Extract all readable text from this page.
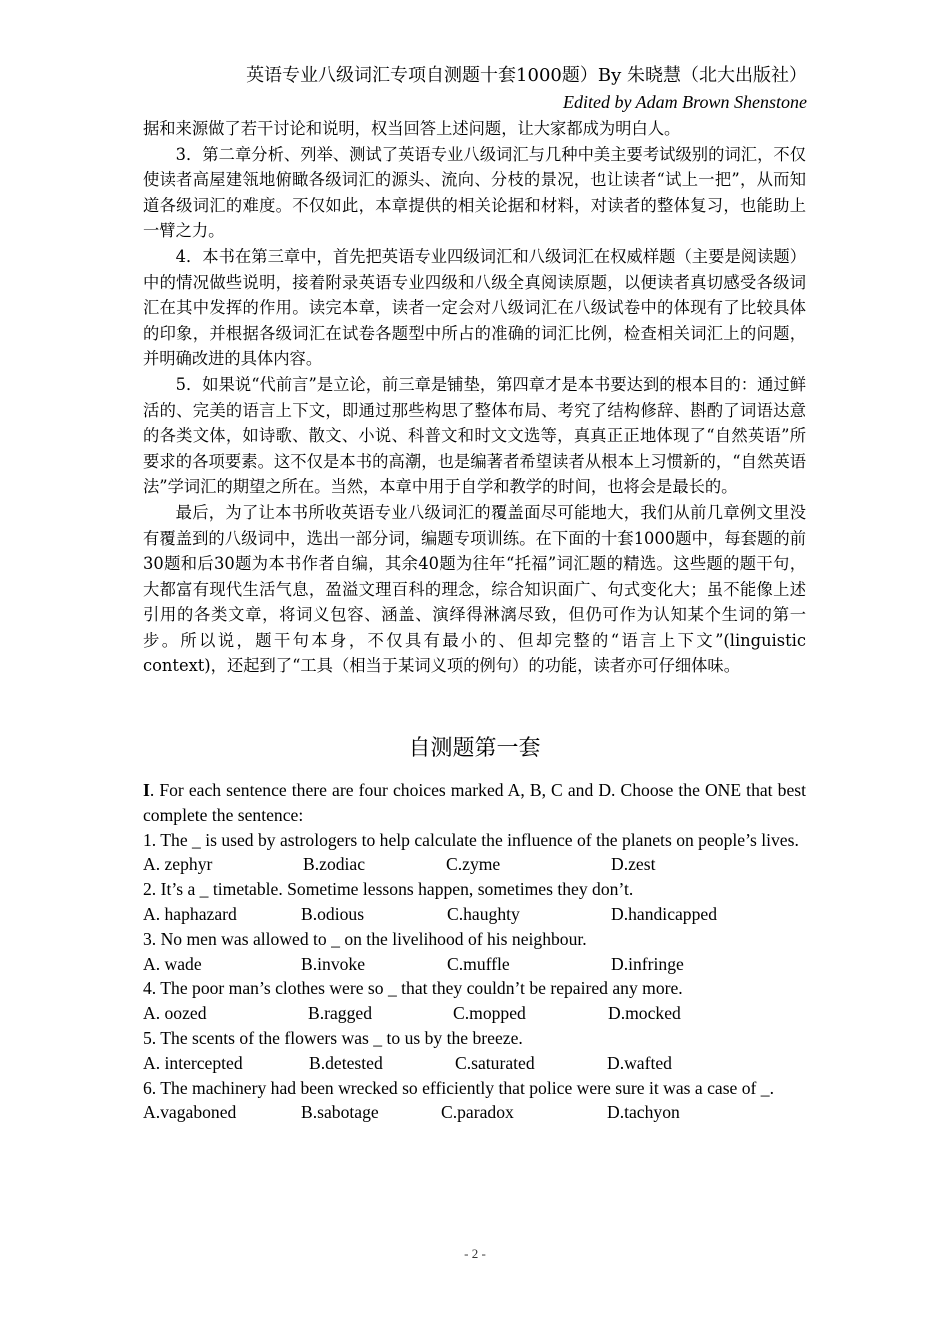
英语专业八级词汇专项自测题十套1000题）By 朱晓慧（北大出版社）
Edited by Adam Brown Shenstone

据和来源做了若干讨论和说明，权当回答上述问题，让大家都成为明白人。

3．第二章分析、列举、测试了英语专业八级词汇与几种中美主要考试级别的词汇，不仅使读者高屋建瓴地俯瞰各级词汇的源头、流向、分枝的景况，也让读者“试上一把”，从而知道各级词汇的难度。不仅如此，本章提供的相关论据和材料，对读者的整体复习，也能助上一臂之力。

4．本书在第三章中，首先把英语专业四级词汇和八级词汇在权威样题（主要是阅读题）中的情况做些说明，接着附录英语专业四级和八级全真阅读原题，以便读者真切感受各级词汇在其中发挥的作用。读完本章，读者一定会对八级词汇在八级试卷中的体现有了比较具体的印象，并根据各级词汇在试卷各题型中所占的准确的词汇比例，检查相关词汇上的问题，并明确改进的具体内容。

5．如果说“代前言”是立论，前三章是铺垫，第四章才是本书要达到的根本目的：通过鲜活的、完美的语言上下文，即通过那些构思了整体布局、考究了结构修辞、斟酌了词语达意的各类文体，如诗歌、散文、小说、科普文和时文文选等，真真正正地体现了“自然英语”所要求的各项要素。这不仅是本书的高潮，也是编著者希望读者从根本上习惯新的，“自然英语法”学词汇的期望之所在。当然，本章中用于自学和教学的时间，也将会是最长的。

最后，为了让本书所收英语专业八级词汇的覆盖面尽可能地大，我们从前几章例文里没有覆盖到的八级词中，选出一部分词，编题专项训练。在下面的十套1000题中，每套题的前30题和后30题为本书作者自编，其余40题为往年“托福”词汇题的精选。这些题的题干句，大都富有现代生活气息，盈溢文理百科的理念，综合知识面广、句式变化大；虽不能像上述引用的各类文章，将词义包容、涵盖、演绎得淋漓尽致，但仍可作为认知某个生词的第一步。所以说，题干句本身，不仅具有最小的、但却完整的“语言上下文”(linguistic context)，还起到了“工具（相当于某词义项的例句）的功能，读者亦可仔细体味。

自测题第一套

I. For each sentence there are four choices marked A, B, C and D. Choose the ONE that best complete the sentence:

1. The _ is used by astrologers to help calculate the influence of the planets on people’s lives.

A. zephyr	B.zodiac	C.zyme	D.zest

2. It’s a _ timetable. Sometime lessons happen, sometimes they don’t.

A. haphazard	B.odious	C.haughty	D.handicapped

3. No men was allowed to _ on the livelihood of his neighbour.

A. wade	B.invoke	C.muffle	D.infringe

4. The poor man’s clothes were so _ that they couldn’t be repaired any more.

A. oozed	B.ragged	C.mopped	D.mocked

5. The scents of the flowers was _ to us by the breeze.

A. intercepted	B.detested	C.saturated	D.wafted

6. The machinery had been wrecked so efficiently that police were sure it was a case of _.

A.vagaboned	B.sabotage	C.paradox	D.tachyon
- 2 -
